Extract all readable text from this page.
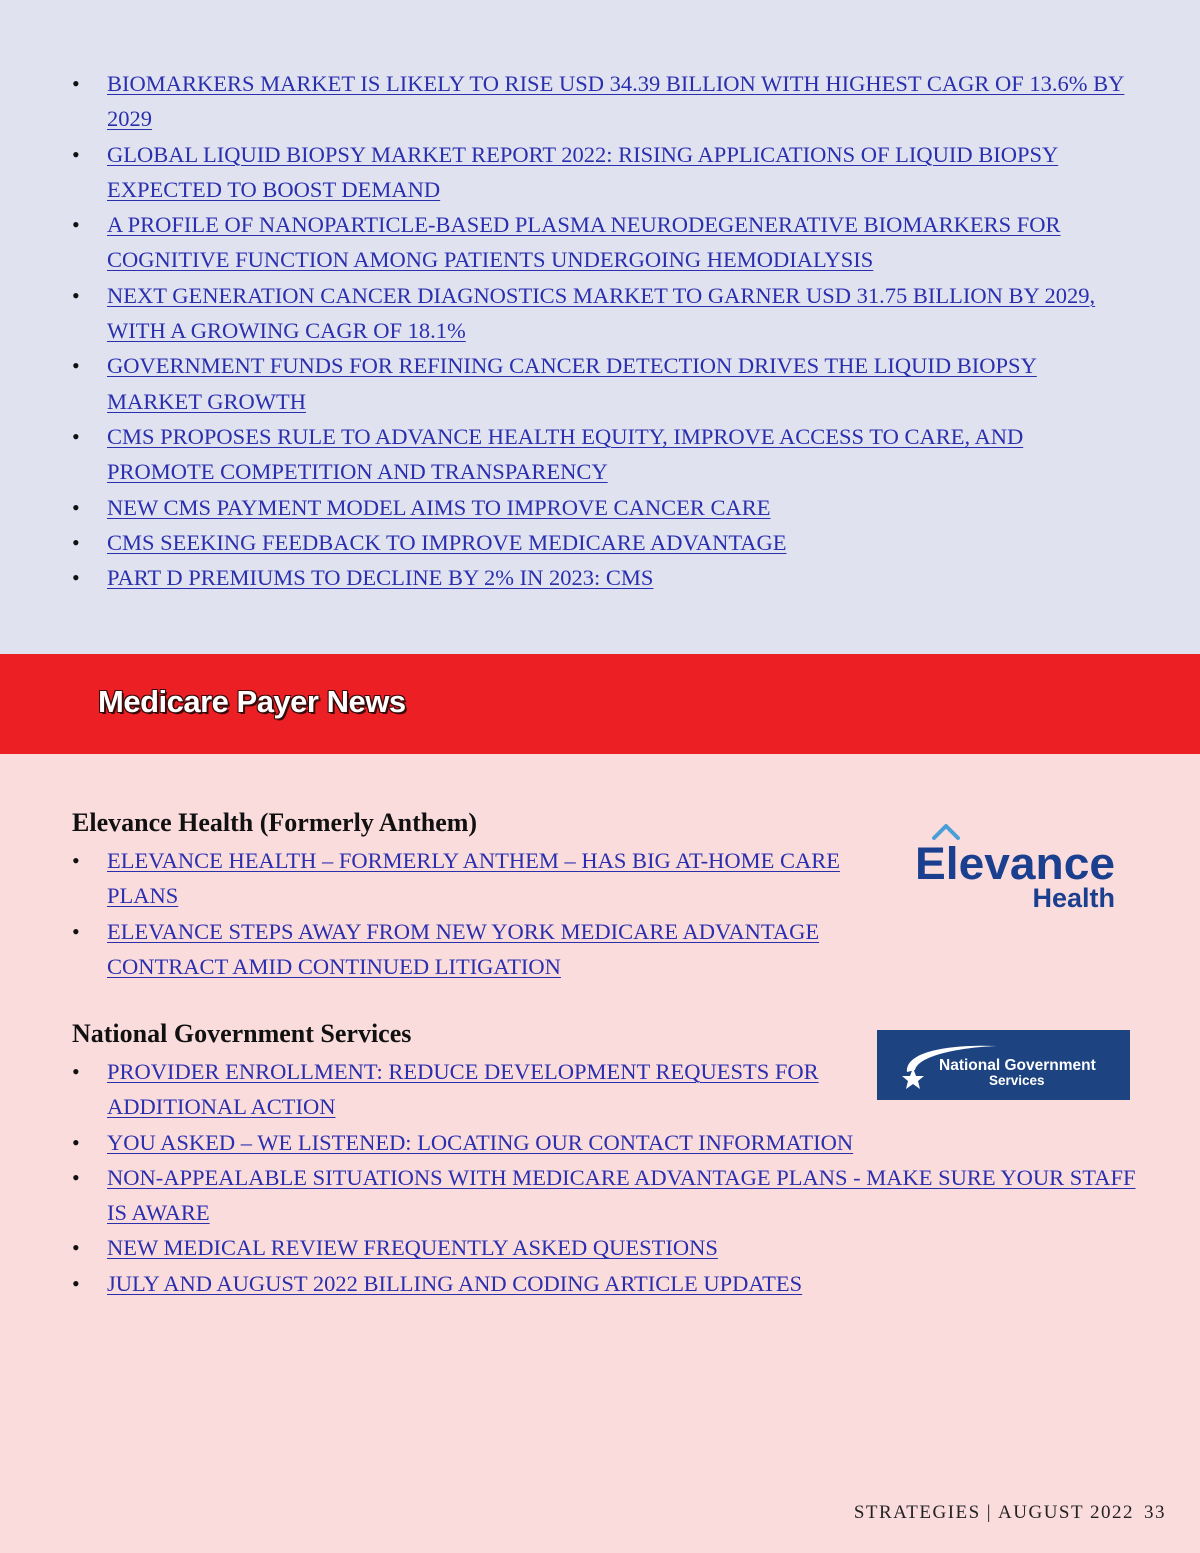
• BIOMARKERS MARKET IS LIKELY TO RISE USD 34.39 BILLION WITH HIGHEST CAGR OF 13.6% BY 2029
• GLOBAL LIQUID BIOPSY MARKET REPORT 2022: RISING APPLICATIONS OF LIQUID BIOPSY EXPECTED TO BOOST DEMAND
• A PROFILE OF NANOPARTICLE-BASED PLASMA NEURODEGENERATIVE BIOMARKERS FOR COGNITIVE FUNCTION AMONG PATIENTS UNDERGOING HEMODIALYSIS
• NEXT GENERATION CANCER DIAGNOSTICS MARKET TO GARNER USD 31.75 BILLION BY 2029, WITH A GROWING CAGR OF 18.1%
• GOVERNMENT FUNDS FOR REFINING CANCER DETECTION DRIVES THE LIQUID BIOPSY MARKET GROWTH
• CMS PROPOSES RULE TO ADVANCE HEALTH EQUITY, IMPROVE ACCESS TO CARE, AND PROMOTE COMPETITION AND TRANSPARENCY
• NEW CMS PAYMENT MODEL AIMS TO IMPROVE CANCER CARE
• CMS SEEKING FEEDBACK TO IMPROVE MEDICARE ADVANTAGE
• PART D PREMIUMS TO DECLINE BY 2% IN 2023: CMS
Medicare Payer News
Elevance Health (Formerly Anthem)
• ELEVANCE HEALTH – FORMERLY ANTHEM – HAS BIG AT-HOME CARE PLANS
• ELEVANCE STEPS AWAY FROM NEW YORK MEDICARE ADVANTAGE CONTRACT AMID CONTINUED LITIGATION
Elevance
Health
National Government Services
• PROVIDER ENROLLMENT: REDUCE DEVELOPMENT REQUESTS FOR ADDITIONAL ACTION
• YOU ASKED – WE LISTENED: LOCATING OUR CONTACT INFORMATION
• NON-APPEALABLE SITUATIONS WITH MEDICARE ADVANTAGE PLANS - MAKE SURE YOUR STAFF IS AWARE
• NEW MEDICAL REVIEW FREQUENTLY ASKED QUESTIONS
• JULY AND AUGUST 2022 BILLING AND CODING ARTICLE UPDATES
National Government
Services
STRATEGIES | AUGUST 2022 33
